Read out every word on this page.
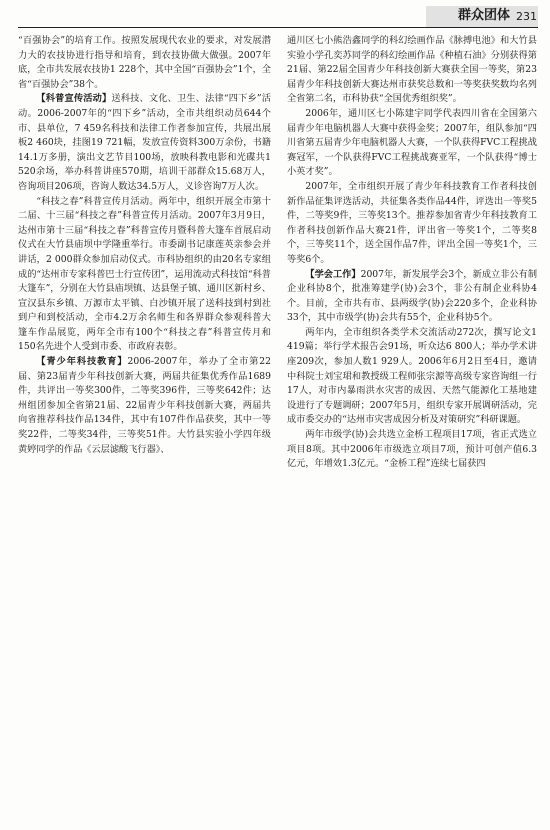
群众团体 231

“百强协会”的培育工作。按照发展现代农业的要求，对发展潜力大的农技协进行指导和培育，到农技协做大做强。2007年底，全市共发展农技协1 228个，其中全国“百强协会”1个，全省“百强协会”38个。

【科普宣传活动】送科技、文化、卫生、法律“四下乡”活动。2006-2007年的“四下乡”活动，全市共组织动员644个市、县单位，7 459名科技和法律工作者参加宣传，共展出展板2 460块，挂图19 721幅，发放宣传资料300万余份，书籍14.1万多册，演出文艺节目100场，放映科教电影和光碟共1 520余场，举办科普讲座570期，培训干部群众15.68万人，咨询项目206项，咨询人数达34.5万人，义诊咨询7万人次。

“科技之春”科普宣传月活动。两年中，组织开展全市第十二届、十三届“科技之春”科普宣传月活动。2007年3月9日，达州市第十三届“科技之春”科普宣传月暨科普大篷车首展启动仪式在大竹县庙坝中学隆重举行。市委副书记康莲英亲参会并讲话，2 000群众参加启动仪式。市科协组织的由20名专家组成的“达州市专家科普巴士行宣传团”，运用流动式科技馆“科普大篷车”，分别在大竹县庙坝镇、达县堡子镇、通川区新村乡、宣汉县东乡镇、万源市太平镇、白沙镇开展了送科技到村到社到户和到校活动，全市4.2万余名师生和各界群众参观科普大篷车作品展览，两年全市有100个“科技之春”科普宣传月和150名先进个人受到市委、市政府表彰。

【青少年科技教育】2006-2007年，举办了全市第22届、第23届青少年科技创新大赛，两届共征集优秀作品1689件，共评出一等奖300件，二等奖396件，三等奖642件；达州组团参加全省第21届、22届青少年科技创新大赛，两届共向省推荐科技作品134件，其中有107件作品获奖，其中一等奖22件，二等奖34件，三等奖51件。大竹县实验小学四年级黄婷同学的作品《云层滤酸飞行器》、

通川区七小熊浩鑫同学的科幻绘画作品《脉搏电池》和大竹县实验小学孔奕苏同学的科幻绘画作品《种植石油》分别获得第21届、第22届全国青少年科技创新大赛获全国一等奖，第23届青少年科技创新大赛达州市获奖总数和一等奖获奖数均名列全省第二名，市科协获“全国优秀组织奖”。

2006年，通川区七小陈建宇同学代表四川省在全国第六届青少年电脑机器人大赛中获得金奖；2007年，组队参加“四川省第五届青少年电脑机器人大赛，一个队获得FVC工程挑战赛冠军，一个队获得FVC工程挑战赛亚军，一个队获得“博士小英才奖”。

2007年，全市组织开展了青少年科技教育工作者科技创新作品征集评选活动，共征集各类作品44件，评选出一等奖5件，二等奖9件，三等奖13个。推荐参加省青少年科技教育工作者科技创新作品大赛21件，评出省一等奖1个，二等奖8个，三等奖11个，送全国作品7件，评出全国一等奖1个，三等奖6个。

【学会工作】2007年，新发展学会3个，新成立非公有制企业科协8个，批准筹建学(协)会3个，非公有制企业科协4个。目前，全市共有市、县两级学(协)会220多个，企业科协33个，其中市级学(协)会共有55个，企业科协5个。

两年内，全市组织各类学术交流活动272次，撰写论文1 419篇；举行学术报告会91场，听众达6 800人；举办学术讲座209次，参加人数1 929人。2006年6月2日至4日，邀请中科院士刘宝珺和教授级工程师张宗源等高级专家咨询组一行17人，对市内暴雨洪水灾害的成因、天然气能源化工基地建设进行了专题调研；2007年5月，组织专家开展调研活动，完成市委交办的“达州市灾害成因分析及对策研究”科研课题。

两年市级学(协)会共选立金桥工程项目17项，省正式选立项目8项。其中2006年市级选立项目7项，预计可创产值6.3亿元，年增效1.3亿元。“金桥工程”连续七届获四
